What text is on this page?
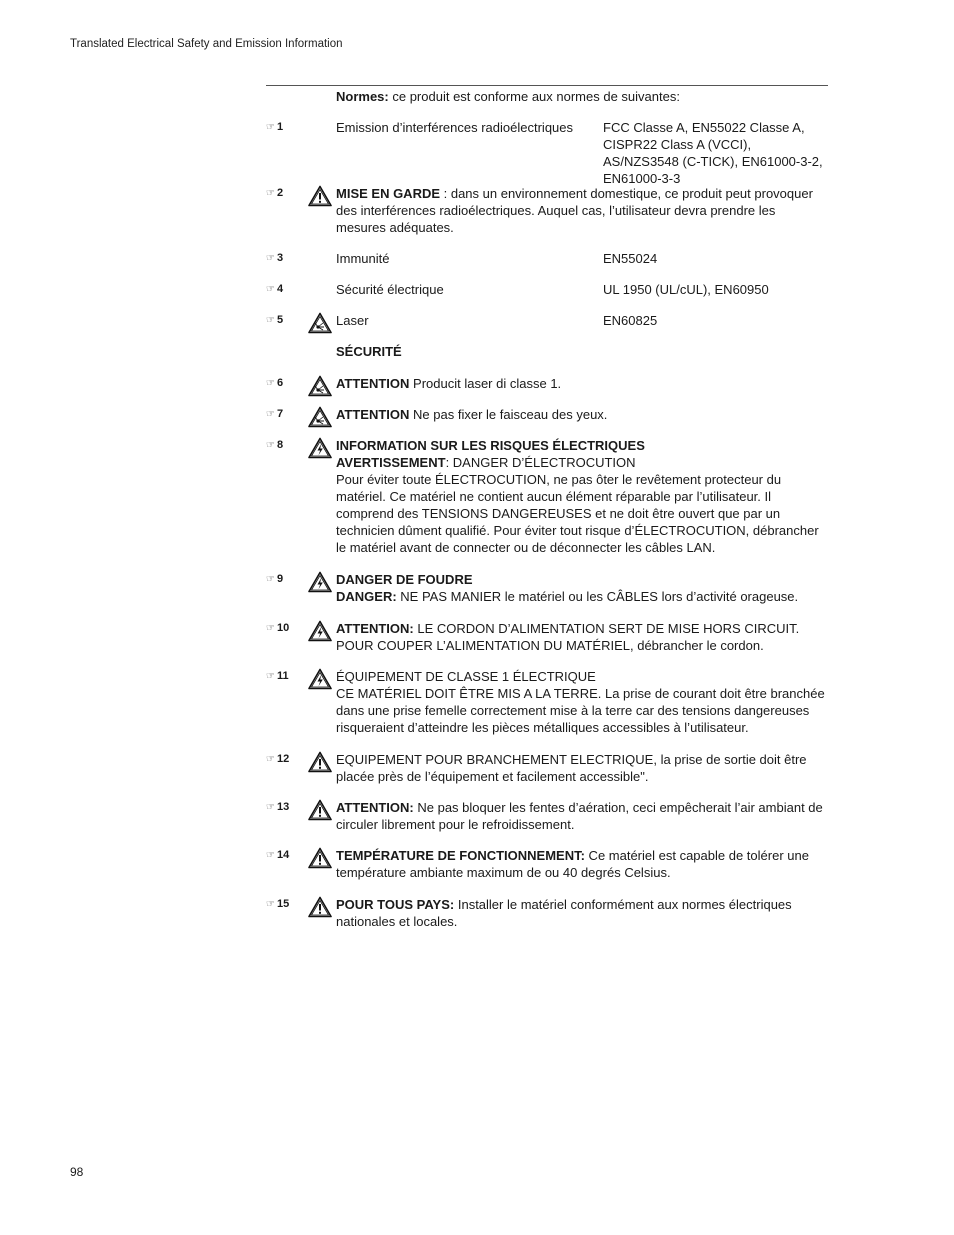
Translated Electrical Safety and Emission Information
Normes: ce produit est conforme aux normes de suivantes:
☞ 1	Emission d’interférences radioélectriques	FCC Classe A, EN55022 Classe A, CISPR22 Class A (VCCI), AS/NZS3548 (C-TICK), EN61000-3-2, EN61000-3-3
☞ 2	MISE EN GARDE : dans un environnement domestique, ce produit peut provoquer des interférences radioélectriques. Auquel cas, l’utilisateur devra prendre les mesures adéquates.
☞ 3	Immunité	EN55024
☞ 4	Sécurité électrique	UL 1950 (UL/cUL), EN60950
☞ 5	Laser	EN60825
SÉCURITÉ
☞ 6	ATTENTION Producit laser di classe 1.
☞ 7	ATTENTION Ne pas fixer le faisceau des yeux.
☞ 8	INFORMATION SUR LES RISQUES ÉLECTRIQUES
AVERTISSEMENT: DANGER D’ÉLECTROCUTION
Pour éviter toute ÉLECTROCUTION, ne pas ôter le revêtement protecteur du matériel. Ce matériel ne contient aucun élément réparable par l’utilisateur. Il comprend des TENSIONS DANGEREUSES et ne doit être ouvert que par un technicien dûment qualifié. Pour éviter tout risque d’ÉLECTROCUTION, débrancher le matériel avant de connecter ou de déconnecter les câbles LAN.
☞ 9	DANGER DE FOUDRE
DANGER: NE PAS MANIER le matériel ou les CÂBLES lors d’activité orageuse.
☞ 10	ATTENTION: LE CORDON D’ALIMENTATION SERT DE MISE HORS CIRCUIT. POUR COUPER L’ALIMENTATION DU MATÉRIEL, débrancher le cordon.
☞ 11	ÉQUIPEMENT DE CLASSE 1 ÉLECTRIQUE
CE MATÉRIEL DOIT ÊTRE MIS A LA TERRE. La prise de courant doit être branchée dans une prise femelle correctement mise à la terre car des tensions dangereuses risqueraient d’atteindre les pièces métalliques accessibles à l’utilisateur.
☞ 12	EQUIPEMENT POUR BRANCHEMENT ELECTRIQUE, la prise de sortie doit être placée près de l’équipement et facilement accessible".
☞ 13	ATTENTION: Ne pas bloquer les fentes d’aération, ceci empêcherait l’air ambiant de circuler librement pour le refroidissement.
☞ 14	TEMPÉRATURE DE FONCTIONNEMENT: Ce matériel est capable de tolérer une température ambiante maximum de ou 40 degrés Celsius.
☞ 15	POUR TOUS PAYS: Installer le matériel conformément aux normes électriques nationales et locales.
98
